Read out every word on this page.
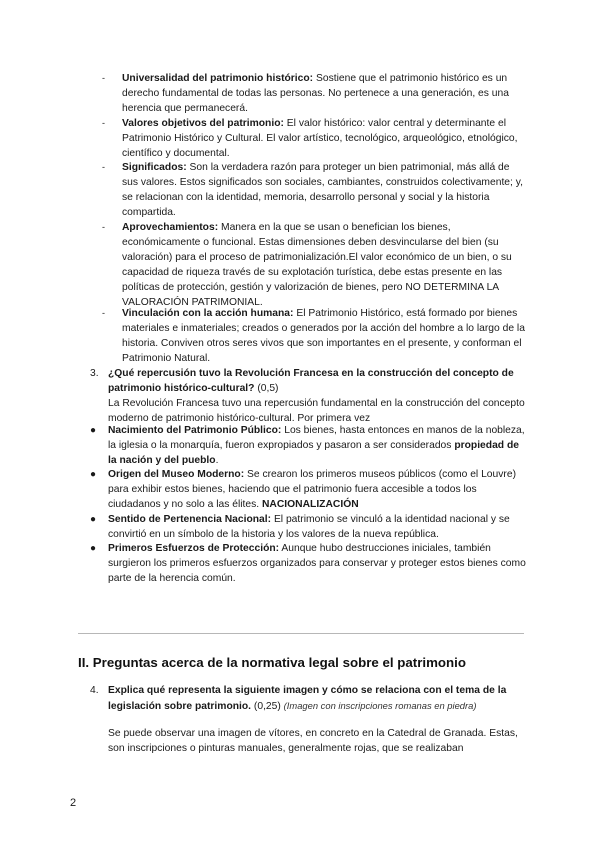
- Universalidad del patrimonio histórico: Sostiene que el patrimonio histórico es un derecho fundamental de todas las personas. No pertenece a una generación, es una herencia que permanecerá.
- Valores objetivos del patrimonio: El valor histórico: valor central y determinante el Patrimonio Histórico y Cultural. El valor artístico, tecnológico, arqueológico, etnológico, científico y documental.
- Significados: Son la verdadera razón para proteger un bien patrimonial, más allá de sus valores. Estos significados son sociales, cambiantes, construidos colectivamente; y, se relacionan con la identidad, memoria, desarrollo personal y social y la historia compartida.
- Aprovechamientos: Manera en la que se usan o benefician los bienes, económicamente o funcional. Estas dimensiones deben desvincularse del bien (su valoración) para el proceso de patrimonialización.El valor económico de un bien, o su capacidad de riqueza través de su explotación turística, debe estas presente en las políticas de protección, gestión y valorización de bienes, pero NO DETERMINA LA VALORACIÓN PATRIMONIAL.
- Vinculación con la acción humana: El Patrimonio Histórico, está formado por bienes materiales e inmateriales; creados o generados por la acción del hombre a lo largo de la historia. Conviven otros seres vivos que son importantes en el presente, y conforman el Patrimonio Natural.
3. ¿Qué repercusión tuvo la Revolución Francesa en la construcción del concepto de patrimonio histórico-cultural? (0,5)
La Revolución Francesa tuvo una repercusión fundamental en la construcción del concepto moderno de patrimonio histórico-cultural. Por primera vez
● Nacimiento del Patrimonio Público: Los bienes, hasta entonces en manos de la nobleza, la iglesia o la monarquía, fueron expropiados y pasaron a ser considerados propiedad de la nación y del pueblo.
● Origen del Museo Moderno: Se crearon los primeros museos públicos (como el Louvre) para exhibir estos bienes, haciendo que el patrimonio fuera accesible a todos los ciudadanos y no solo a las élites. NACIONALIZACIÓN
● Sentido de Pertenencia Nacional: El patrimonio se vinculó a la identidad nacional y se convirtió en un símbolo de la historia y los valores de la nueva república.
● Primeros Esfuerzos de Protección: Aunque hubo destrucciones iniciales, también surgieron los primeros esfuerzos organizados para conservar y proteger estos bienes como parte de la herencia común.
II. Preguntas acerca de la normativa legal sobre el patrimonio
4. Explica qué representa la siguiente imagen y cómo se relaciona con el tema de la legislación sobre patrimonio. (0,25) (Imagen con inscripciones romanas en piedra)
Se puede observar una imagen de vítores, en concreto en la Catedral de Granada. Estas, son inscripciones o pinturas manuales, generalmente rojas, que se realizaban
2
